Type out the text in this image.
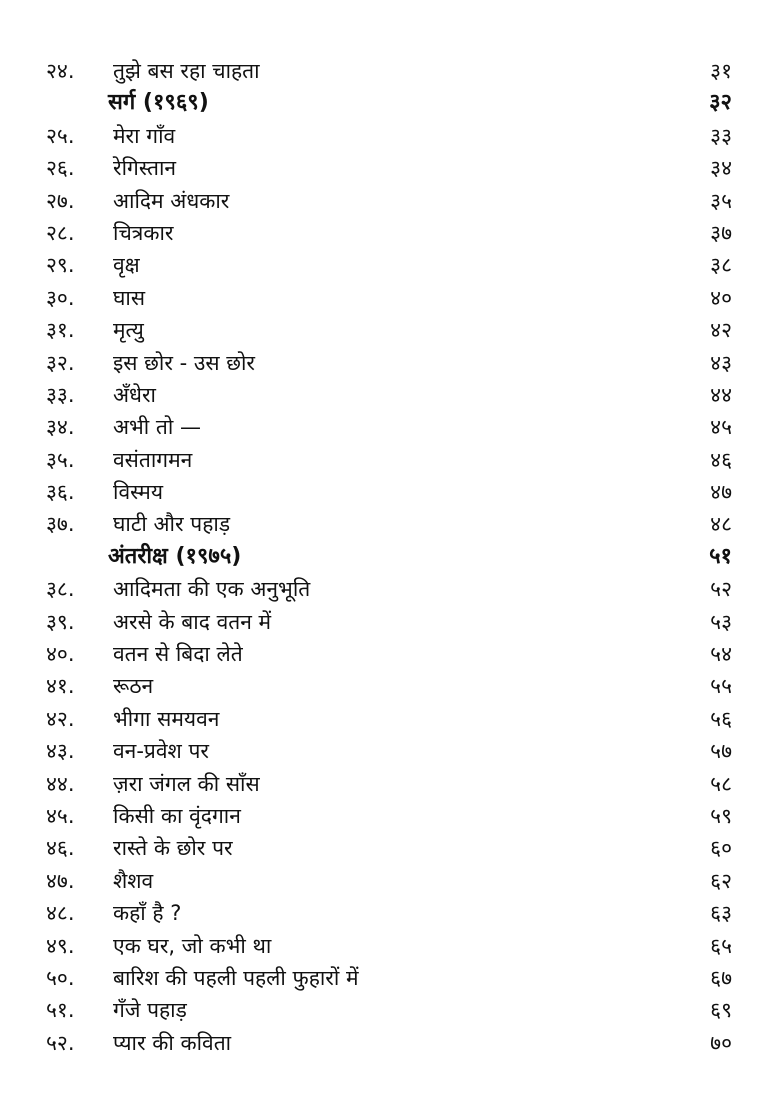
२४. तुझे बस रहा चाहता	३१
सर्ग (१९६९)	३२
२५. मेरा गाँव	३३
२६. रेगिस्तान	३४
२७. आदिम अंधकार	३५
२८. चित्रकार	३७
२९. वृक्ष	३८
३०. घास	४०
३१. मृत्यु	४२
३२. इस छोर - उस छोर	४३
३३. अँधेरा	४४
३४. अभी तो —	४५
३५. वसंतागमन	४६
३६. विस्मय	४७
३७. घाटी और पहाड़	४८
अंतरीक्ष (१९७५)	५१
३८. आदिमता की एक अनुभूति	५२
३९. अरसे के बाद वतन में	५३
४०. वतन से बिदा लेते	५४
४१. रूठन	५५
४२. भीगा समयवन	५६
४३. वन-प्रवेश पर	५७
४४. ज़रा जंगल की साँस	५८
४५. किसी का वृंदगान	५९
४६. रास्ते के छोर पर	६०
४७. शैशव	६२
४८. कहाँ है ?	६३
४९. एक घर, जो कभी था	६५
५०. बारिश की पहली पहली फुहारों में	६७
५१. गँजे पहाड़	६९
५२. प्यार की कविता	७०
